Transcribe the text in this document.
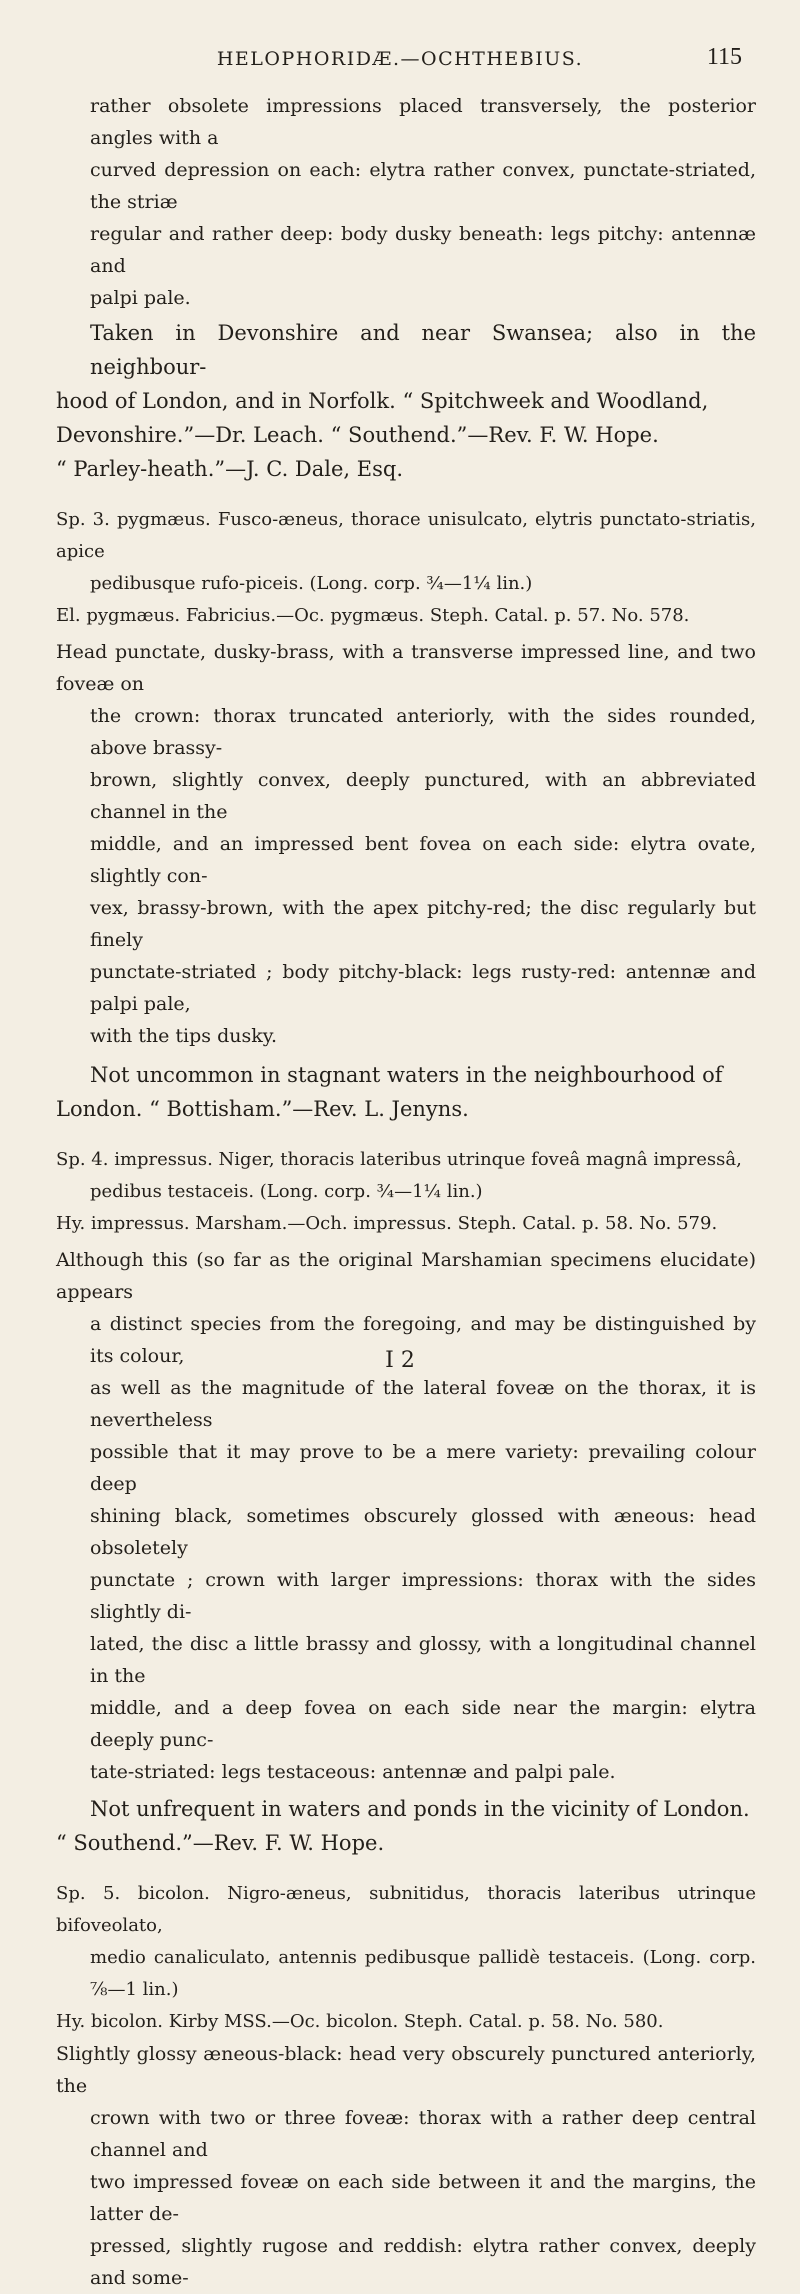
HELOPHORIDÆ.—OCHTHEBIUS.	115
rather obsolete impressions placed transversely, the posterior angles with a
curved depression on each: elytra rather convex, punctate-striated, the striæ
regular and rather deep: body dusky beneath: legs pitchy: antennæ and
palpi pale.
Taken in Devonshire and near Swansea; also in the neighbour-
hood of London, and in Norfolk. “ Spitchweek and Woodland,
Devonshire.”—Dr. Leach. “ Southend.”—Rev. F. W. Hope.
“ Parley-heath.”—J. C. Dale, Esq.
Sp. 3. pygmæus. Fusco-æneus, thorace unisulcato, elytris punctato-striatis, apice
pedibusque rufo-piceis. (Long. corp. ¾—1¼ lin.)
El. pygmæus. Fabricius.—Oc. pygmæus. Steph. Catal. p. 57. No. 578.
Head punctate, dusky-brass, with a transverse impressed line, and two foveæ on
the crown: thorax truncated anteriorly, with the sides rounded, above brassy-
brown, slightly convex, deeply punctured, with an abbreviated channel in the
middle, and an impressed bent fovea on each side: elytra ovate, slightly con-
vex, brassy-brown, with the apex pitchy-red; the disc regularly but finely
punctate-striated ; body pitchy-black: legs rusty-red: antennæ and palpi pale,
with the tips dusky.
Not uncommon in stagnant waters in the neighbourhood of
London. “ Bottisham.”—Rev. L. Jenyns.
Sp. 4. impressus. Niger, thoracis lateribus utrinque foveâ magnâ impressâ,
pedibus testaceis. (Long. corp. ¾—1¼ lin.)
Hy. impressus. Marsham.—Och. impressus. Steph. Catal. p. 58. No. 579.
Although this (so far as the original Marshamian specimens elucidate) appears
a distinct species from the foregoing, and may be distinguished by its colour,
as well as the magnitude of the lateral foveæ on the thorax, it is nevertheless
possible that it may prove to be a mere variety: prevailing colour deep
shining black, sometimes obscurely glossed with æneous: head obsoletely
punctate ; crown with larger impressions: thorax with the sides slightly di-
lated, the disc a little brassy and glossy, with a longitudinal channel in the
middle, and a deep fovea on each side near the margin: elytra deeply punc-
tate-striated: legs testaceous: antennæ and palpi pale.
Not unfrequent in waters and ponds in the vicinity of London.
“ Southend.”—Rev. F. W. Hope.
Sp. 5. bicolon. Nigro-æneus, subnitidus, thoracis lateribus utrinque bifoveolato,
medio canaliculato, antennis pedibusque pallidè testaceis. (Long. corp. ⅞—1 lin.)
Hy. bicolon. Kirby MSS.—Oc. bicolon. Steph. Catal. p. 58. No. 580.
Slightly glossy æneous-black: head very obscurely punctured anteriorly, the
crown with two or three foveæ: thorax with a rather deep central channel and
two impressed foveæ on each side between it and the margins, the latter de-
pressed, slightly rugose and reddish: elytra rather convex, deeply and some-
I 2
